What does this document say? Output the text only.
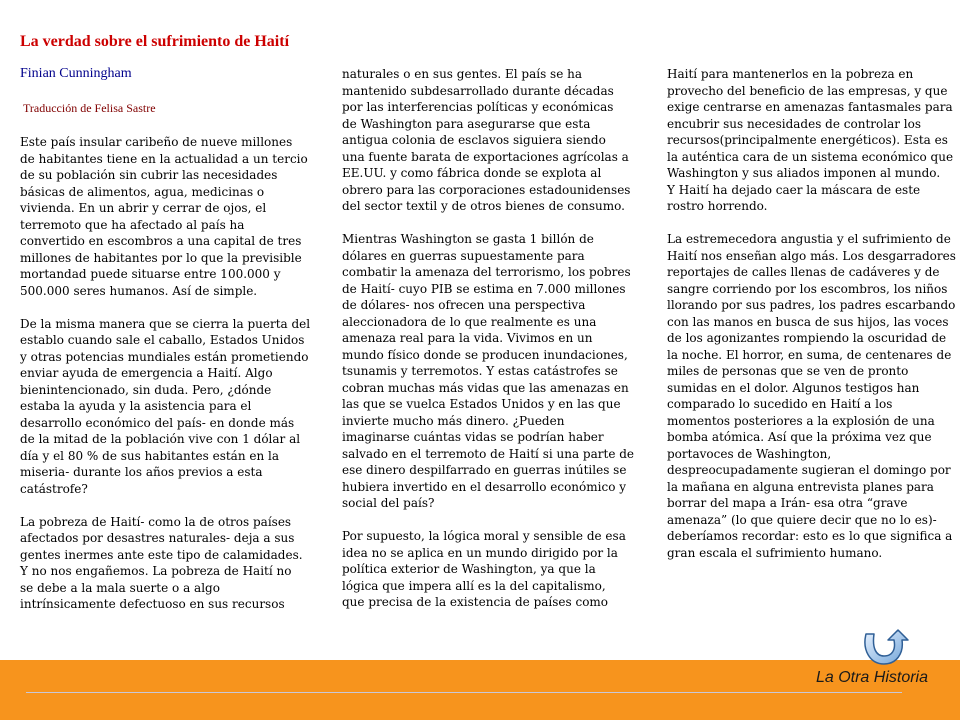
La verdad sobre el sufrimiento de Haití
Finian Cunningham
Traducción de Felisa Sastre

Este país insular caribeño de nueve millones

de habitantes tiene en la actualidad a un tercio

de su población sin cubrir las necesidades

básicas de alimentos, agua, medicinas o

vivienda. En un abrir y cerrar de ojos, el

terremoto que ha afectado al país ha

convertido en escombros a una capital de tres

millones de habitantes por lo que la previsible

mortandad puede situarse entre 100.000 y

500.000 seres humanos. Así de simple.

De la misma manera que se cierra la puerta del

establo cuando sale el caballo, Estados Unidos

y otras potencias mundiales están prometiendo

enviar ayuda de emergencia a Haití. Algo

bienintencionado, sin duda. Pero, ¿dónde

estaba la ayuda y la asistencia para el

desarrollo económico del país- en donde más

de la mitad de la población vive con 1 dólar al

día y el 80 % de sus habitantes están en la

miseria- durante los años previos a esta

catástrofe?

La pobreza de Haití- como la de otros países

afectados por desastres naturales- deja a sus

gentes inermes ante este tipo de calamidades.

Y no nos engañemos. La pobreza de Haití no

se debe a la mala suerte o a algo

intrínsicamente defectuoso en sus recursos

naturales o en sus gentes. El país se ha

mantenido subdesarrollado durante décadas

por las interferencias políticas y económicas

de Washington para asegurarse que esta

antigua colonia de esclavos siguiera siendo

una fuente barata de exportaciones agrícolas a

EE.UU. y como fábrica donde se explota al

obrero para las corporaciones estadounidenses

del sector textil y de otros bienes de consumo.

Mientras Washington se gasta 1 billón de

dólares en guerras supuestamente para

combatir la amenaza del terrorismo, los pobres

de Haití- cuyo PIB se estima en 7.000 millones

de dólares- nos ofrecen una perspectiva

aleccionadora de lo que realmente es una

amenaza real para la vida. Vivimos en un

mundo físico donde se producen inundaciones,

tsunamis y terremotos. Y estas catástrofes se

cobran muchas más vidas que las amenazas en

las que se vuelca Estados Unidos y en las que

invierte mucho más dinero. ¿Pueden

imaginarse cuántas vidas se podrían haber

salvado en el terremoto de Haití si una parte de

ese dinero despilfarrado en guerras inútiles se

hubiera invertido en el desarrollo económico y

social del país?

Por supuesto, la lógica moral y sensible de esa

idea no se aplica en un mundo dirigido por la

política exterior de Washington, ya que la

lógica que impera allí es la del capitalismo,

que precisa de la existencia de países como

Haití para mantenerlos en la pobreza en

provecho del beneficio de las empresas, y que

exige centrarse en amenazas fantasmales para

encubrir sus necesidades de controlar los

recursos(principalmente energéticos). Esta es

la auténtica cara de un sistema económico que

Washington y sus aliados imponen al mundo.

Y Haití ha dejado caer la máscara de este

rostro horrendo.

La estremecedora angustia y el sufrimiento de

Haití nos enseñan algo más. Los desgarradores

reportajes de calles llenas de cadáveres y de

sangre corriendo por los escombros, los niños

llorando por sus padres, los padres escarbando

con las manos en busca de sus hijos, las voces

de los agonizantes rompiendo la oscuridad de

la noche. El horror, en suma, de centenares de

miles de personas que se ven de pronto

sumidas en el dolor. Algunos testigos han

comparado lo sucedido en Haití a los

momentos posteriores a la explosión de una

bomba atómica. Así que la próxima vez que

portavoces de Washington,

despreocupadamente sugieran el domingo por

la mañana en alguna entrevista planes para

borrar del mapa a Irán- esa otra “grave

amenaza” (lo que quiere decir que no lo es)-

deberíamos recordar: esto es lo que significa a

gran escala el sufrimiento humano.

La Otra Historia
